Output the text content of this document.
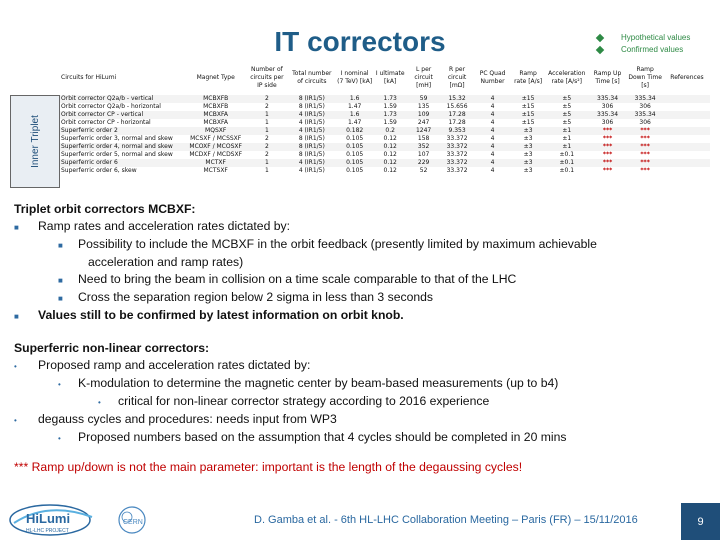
IT correctors	Hypothetical values
Confirmed values
Inner Triplet
Circuits for HiLumi	Magnet Type	Number of circuits per IP side	Total number of circuits	I nominal (7 TeV) [kA]	I ultimate [kA]	L per circuit [mH]	R per circuit [mΩ]	PC Quad Number	Ramp rate [A/s]	Acceleration rate [A/s²]	Ramp Up Time [s]	Ramp Down Time [s]	References
Orbit corrector Q2a/b - vertical	MCBXFB	2	8 (IR1/5)	1.6	1.73	59	15.32	4	±15	±5	335.34	335.34	
Orbit corrector Q2a/b - horizontal	MCBXFB	2	8 (IR1/5)	1.47	1.59	135	15.656	4	±15	±5	306	306	
Orbit corrector CP - vertical	MCBXFA	1	4 (IR1/5)	1.6	1.73	109	17.28	4	±15	±5	335.34	335.34	
Orbit corrector CP - horizontal	MCBXFA	1	4 (IR1/5)	1.47	1.59	247	17.28	4	±15	±5	306	306	
Superferric order 2	MQSXF	1	4 (IR1/5)	0.182	0.2	1247	9.353	4	±3	±1	***	***	
Superferric order 3, normal and skew	MCSXF / MCSSXF	2	8 (IR1/5)	0.105	0.12	158	33.372	4	±3	±1	***	***	
Superferric order 4, normal and skew	MCOXF / MCOSXF	2	8 (IR1/5)	0.105	0.12	352	33.372	4	±3	±1	***	***	
Superferric order 5, normal and skew	MCDXF / MCDSXF	2	8 (IR1/5)	0.105	0.12	107	33.372	4	±3	±0.1	***	***	
Superferric order 6	MCTXF	1	4 (IR1/5)	0.105	0.12	229	33.372	4	±3	±0.1	***	***	
Superferric order 6, skew	MCTSXF	1	4 (IR1/5)	0.105	0.12	52	33.372	4	±3	±0.1	***	***	
Triplet orbit correctors MCBXF:
■ Ramp rates and acceleration rates dictated by:
■ Possibility to include the MCBXF in the orbit feedback (presently limited by maximum achievable
acceleration and ramp rates)
■ Need to bring the beam in collision on a time scale comparable to that of the LHC
■ Cross the separation region below 2 sigma in less than 3 seconds
■ Values still to be confirmed by latest information on orbit knob.
Superferric non-linear correctors:
• Proposed ramp and acceleration rates dictated by:
• K-modulation to determine the magnetic center by beam-based measurements (up to b4)
• critical for non-linear corrector strategy according to 2016 experience
• degauss cycles and procedures: needs input from WP3
• Proposed numbers based on the assumption that 4 cycles should be completed in 20 mins
*** Ramp up/down is not the main parameter: important is the length of the degaussing cycles!
HiLumi
HL-LHC PROJECT
CERN	D. Gamba et al. - 6th HL-LHC Collaboration Meeting – Paris (FR) – 15/11/2016	9
